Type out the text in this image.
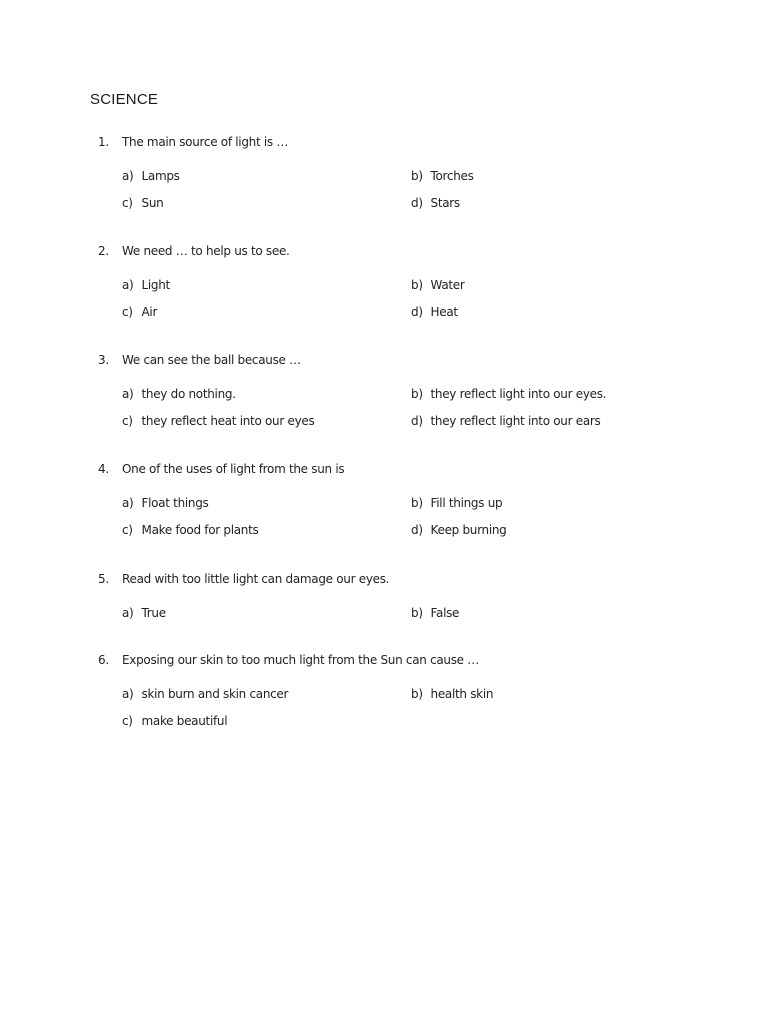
SCIENCE
1. The main source of light is …
a) Lamps	b) Torches
c) Sun	d) Stars
2. We need … to help us to see.
a) Light	b) Water
c) Air	d) Heat
3. We can see the ball because …
a) they do nothing.	b) they reflect light into our eyes.
c) they reflect heat into our eyes	d) they reflect light into our ears
4. One of the uses of light from the sun is
a) Float things	b) Fill things up
c) Make food for plants	d) Keep burning
5. Read with too little light can damage our eyes.
a) True	b) False
6. Exposing our skin to too much light from the Sun can cause …
a) skin burn and skin cancer	b) health skin
c) make beautiful
